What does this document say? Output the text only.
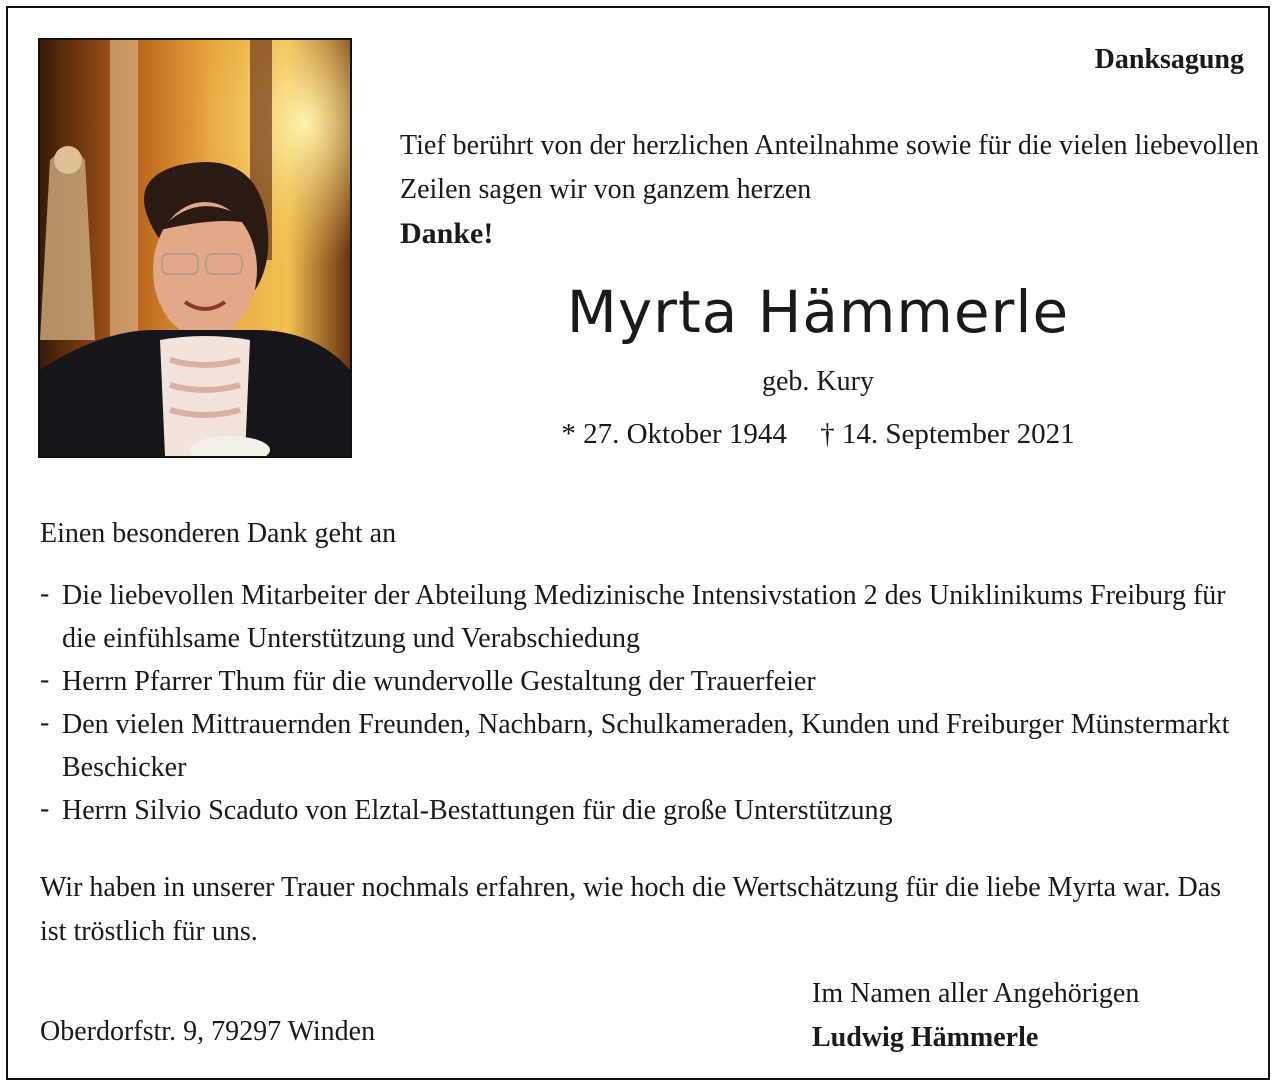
Danksagung
Tief berührt von der herzlichen Anteilnahme sowie für die vielen liebevollen Zeilen sagen wir von ganzem herzen
Danke!
Myrta Hämmerle
geb. Kury
* 27. Oktober 1944 † 14. September 2021
Einen besonderen Dank geht an
- Die liebevollen Mitarbeiter der Abteilung Medizinische Intensivstation 2 des Uniklinikums Freiburg für die einfühlsame Unterstützung und Verabschiedung
- Herrn Pfarrer Thum für die wundervolle Gestaltung der Trauerfeier
- Den vielen Mittrauernden Freunden, Nachbarn, Schulkameraden, Kunden und Freiburger Münstermarkt Beschicker
- Herrn Silvio Scaduto von Elztal-Bestattungen für die große Unterstützung
Wir haben in unserer Trauer nochmals erfahren, wie hoch die Wertschätzung für die liebe Myrta war. Das ist tröstlich für uns.
Im Namen aller Angehörigen
Ludwig Hämmerle
Oberdorfstr. 9, 79297 Winden
